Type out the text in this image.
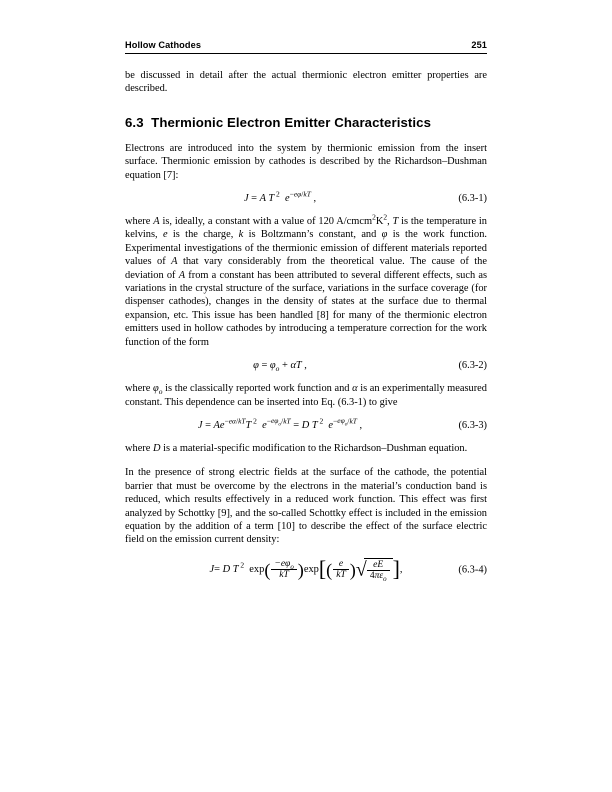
Hollow Cathodes	251

be discussed in detail after the actual thermionic electron emitter properties are described.

6.3 Thermionic Electron Emitter Characteristics

Electrons are introduced into the system by thermionic emission from the insert surface. Thermionic emission by cathodes is described by the Richardson–Dushman equation [7]:

J = A T $^2$ $e^{-e\varphi/kT}$ ,	(6.3-1)

where A is, ideally, a constant with a value of 120 $A/cmcm^2K^2$, T is the temperature in kelvins, e is the charge, k is Boltzmann’s constant, and φ is the work function. Experimental investigations of the thermionic emission of different materials reported values of A that vary considerably from the theoretical value. The cause of the deviation of A from a constant has been attributed to several different effects, such as variations in the crystal structure of the surface, variations in the surface coverage (for dispenser cathodes), changes in the density of states at the surface due to thermal expansion, etc. This issue has been handled [8] for many of the thermionic electron emitters used in hollow cathodes by introducing a temperature correction for the work function of the form

$\varphi = \varphi_o + \alpha T$ ,	(6.3-2)

where $\varphi_o$ is the classically reported work function and α is an experimentally measured constant. This dependence can be inserted into Eq. (6.3-1) to give

$J = Ae^{-e\alpha/kT}T$ $^2$ $e^{-e\varphi_o/kT} = D$ T $^2$ $e^{-e\varphi_o/kT}$ ,	(6.3-3)

where D is a material-specific modification to the Richardson–Dushman equation.

In the presence of strong electric fields at the surface of the cathode, the potential barrier that must be overcome by the electrons in the material’s conduction band is reduced, which results effectively in a reduced work function. This effect was first analyzed by Schottky [9], and the so-called Schottky effect is included in the emission equation by the addition of a term [10] to describe the effect of the surface electric field on the emission current density:

J= D T $^2$  $\exp( \frac{-e\varphi_o}{kT} )\exp[( \frac{e}{kT}$ ) √ $\frac{eE}{4\pi\varepsilon_o}$ ],	(6.3-4)
